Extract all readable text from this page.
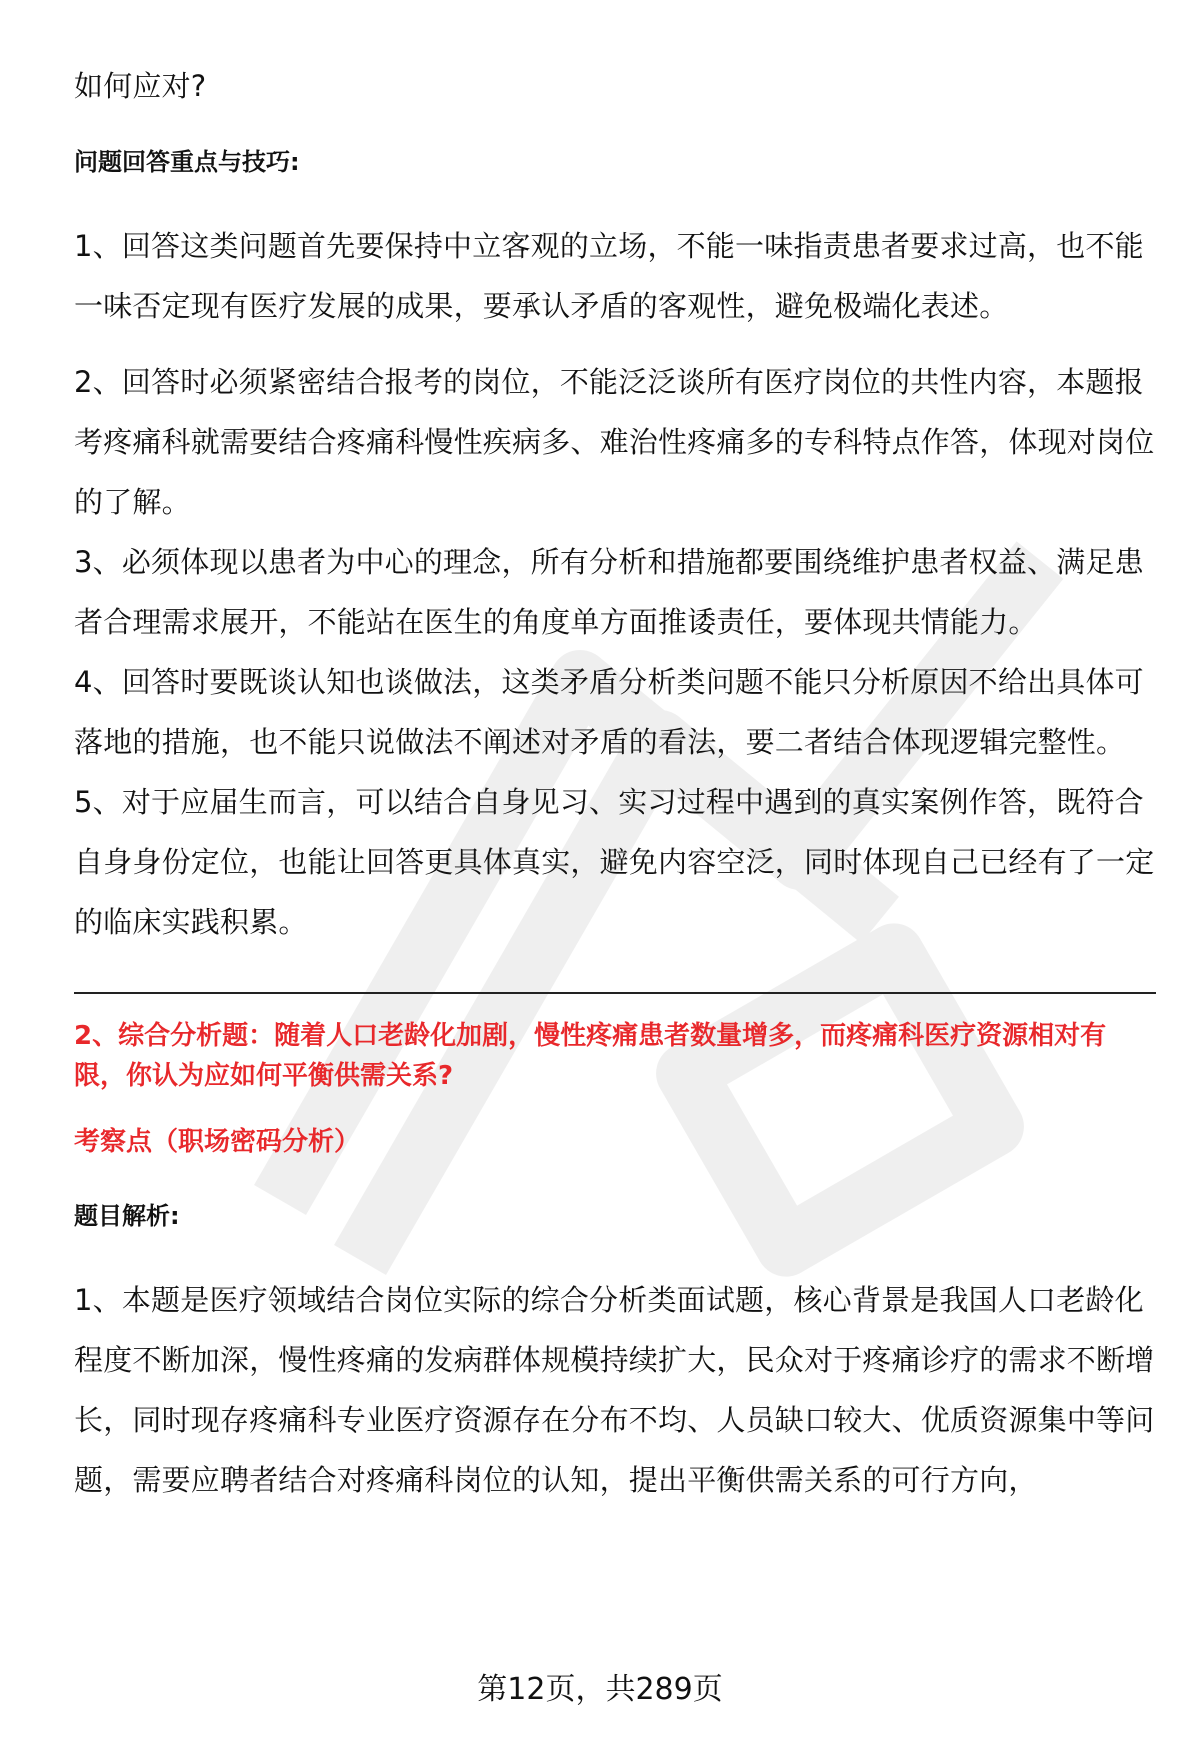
如何应对?

问题回答重点与技巧:

1、回答这类问题首先要保持中立客观的立场，不能一味指责患者要求过高，也不能一味否定现有医疗发展的成果，要承认矛盾的客观性，避免极端化表述。

2、回答时必须紧密结合报考的岗位，不能泛泛谈所有医疗岗位的共性内容，本题报考疼痛科就需要结合疼痛科慢性疾病多、难治性疼痛多的专科特点作答，体现对岗位的了解。

3、必须体现以患者为中心的理念，所有分析和措施都要围绕维护患者权益、满足患者合理需求展开，不能站在医生的角度单方面推诿责任，要体现共情能力。

4、回答时要既谈认知也谈做法，这类矛盾分析类问题不能只分析原因不给出具体可落地的措施，也不能只说做法不阐述对矛盾的看法，要二者结合体现逻辑完整性。

5、对于应届生而言，可以结合自身见习、实习过程中遇到的真实案例作答，既符合自身身份定位，也能让回答更具体真实，避免内容空泛，同时体现自己已经有了一定的临床实践积累。

2、综合分析题：随着人口老龄化加剧，慢性疼痛患者数量增多，而疼痛科医疗资源相对有限，你认为应如何平衡供需关系?

考察点（职场密码分析）

题目解析:

1、本题是医疗领域结合岗位实际的综合分析类面试题，核心背景是我国人口老龄化程度不断加深，慢性疼痛的发病群体规模持续扩大，民众对于疼痛诊疗的需求不断增长，同时现存疼痛科专业医疗资源存在分布不均、人员缺口较大、优质资源集中等问题，需要应聘者结合对疼痛科岗位的认知，提出平衡供需关系的可行方向，

第12页，共289页
